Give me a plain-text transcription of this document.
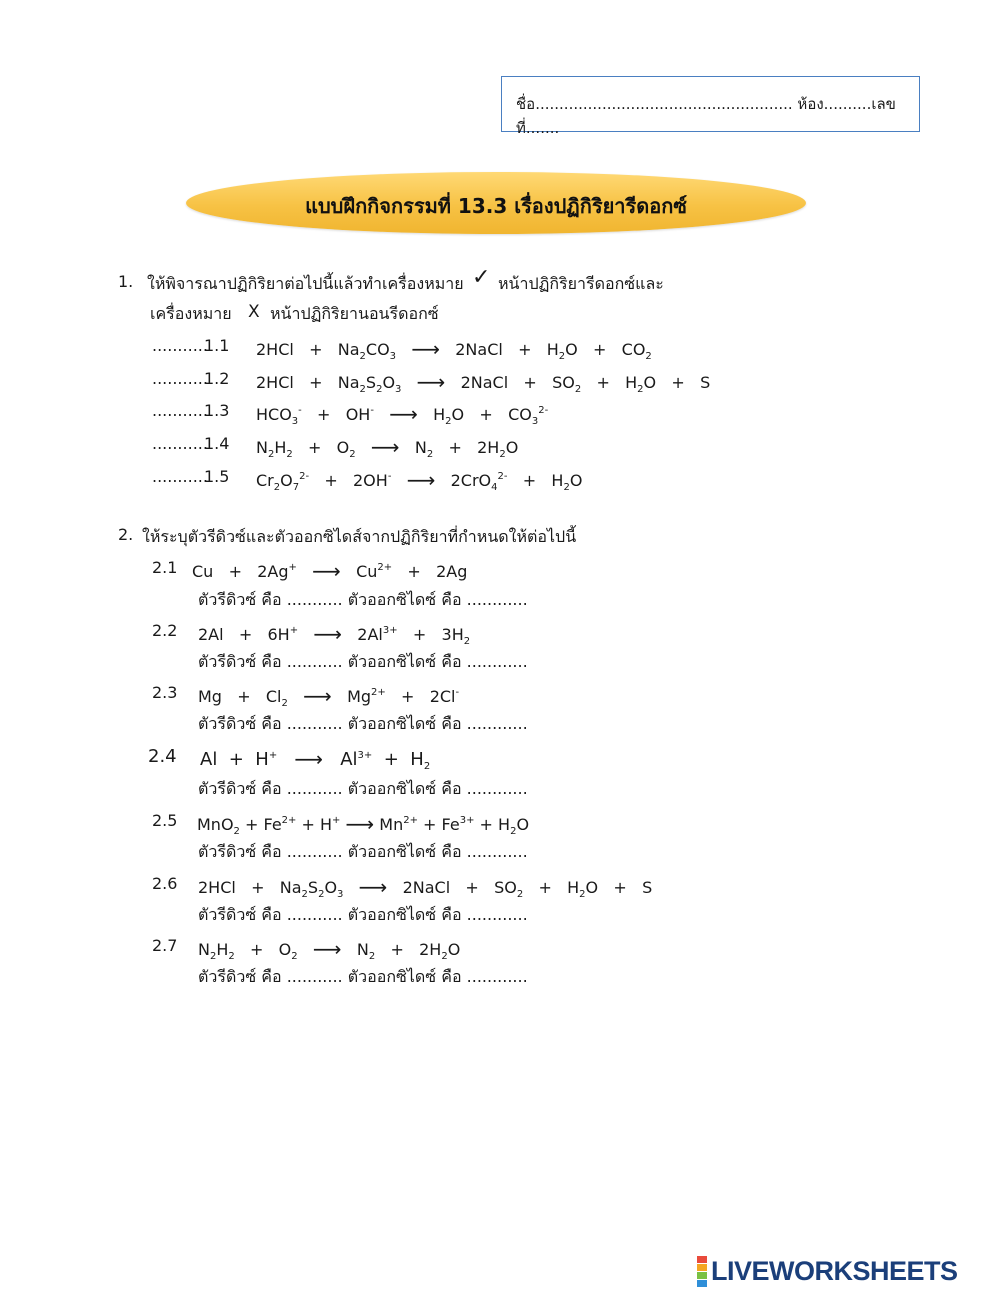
ชื่อ...................................................... ห้อง..........เลขที่.......
แบบฝึกกิจกรรมที่ 13.3 เรื่องปฏิกิริยารีดอกซ์
1. ให้พิจารณาปฏิกิริยาต่อไปนี้แล้วทำเครื่องหมาย ✓ หน้าปฏิกิริยารีดอกซ์และ
เครื่องหมาย X หน้าปฏิกิริยานอนรีดอกซ์
...........
1.1 $2HCl + Na_2CO_3$ ⟶   2NaCl   +   $H_2O + CO_2$
...........
1.2 $2HCl + Na_2S_2O_3$ ⟶   2NaCl   +   $SO_2 + H_2O + S$
...........
1.3 $HCO_3^- + OH^-$ ⟶   $H_2O + CO_3^{2-}$
...........
1.4 $N_2H_2 + O_2$ ⟶   $N_2 + 2H_2O$
...........
1.5 $Cr_2O_7^{2-} + 2OH^-$ ⟶   $2CrO_4^{2-} + H_2O$
2. ให้ระบุตัวรีดิวซ์และตัวออกซิไดส์จากปฏิกิริยาที่กำหนดให้ต่อไปนี้
2.1 Cu   +   2Ag+ ⟶   $Cu^{2+} + 2Ag$
ตัวรีดิวซ์ คือ ........... ตัวออกซิไดซ์ คือ ............
2.2 2Al   +   6H+ ⟶   $2Al^{3+} + 3H_2$
ตัวรีดิวซ์ คือ ........... ตัวออกซิไดซ์ คือ ............
2.3 $Mg + Cl_2$ ⟶   $Mg^{2+} + 2Cl^-$
ตัวรีดิวซ์ คือ ........... ตัวออกซิไดซ์ คือ ............
2.4 Al  +  H+ ⟶   $Al^{3+} + H_2$
ตัวรีดิวซ์ คือ ........... ตัวออกซิไดซ์ คือ ............
2.5 $MnO_2 + Fe^{2+} + H^+$ ⟶ $Mn^{2+} + Fe^{3+} + H_2O$
ตัวรีดิวซ์ คือ ........... ตัวออกซิไดซ์ คือ ............
2.6 $2HCl + Na_2S_2O_3$ ⟶   2NaCl   +   $SO_2 + H_2O + S$
ตัวรีดิวซ์ คือ ........... ตัวออกซิไดซ์ คือ ............
2.7 $N_2H_2 + O_2$ ⟶   $N_2 + 2H_2O$
ตัวรีดิวซ์ คือ ........... ตัวออกซิไดซ์ คือ ............
LIVEWORKSHEETS
